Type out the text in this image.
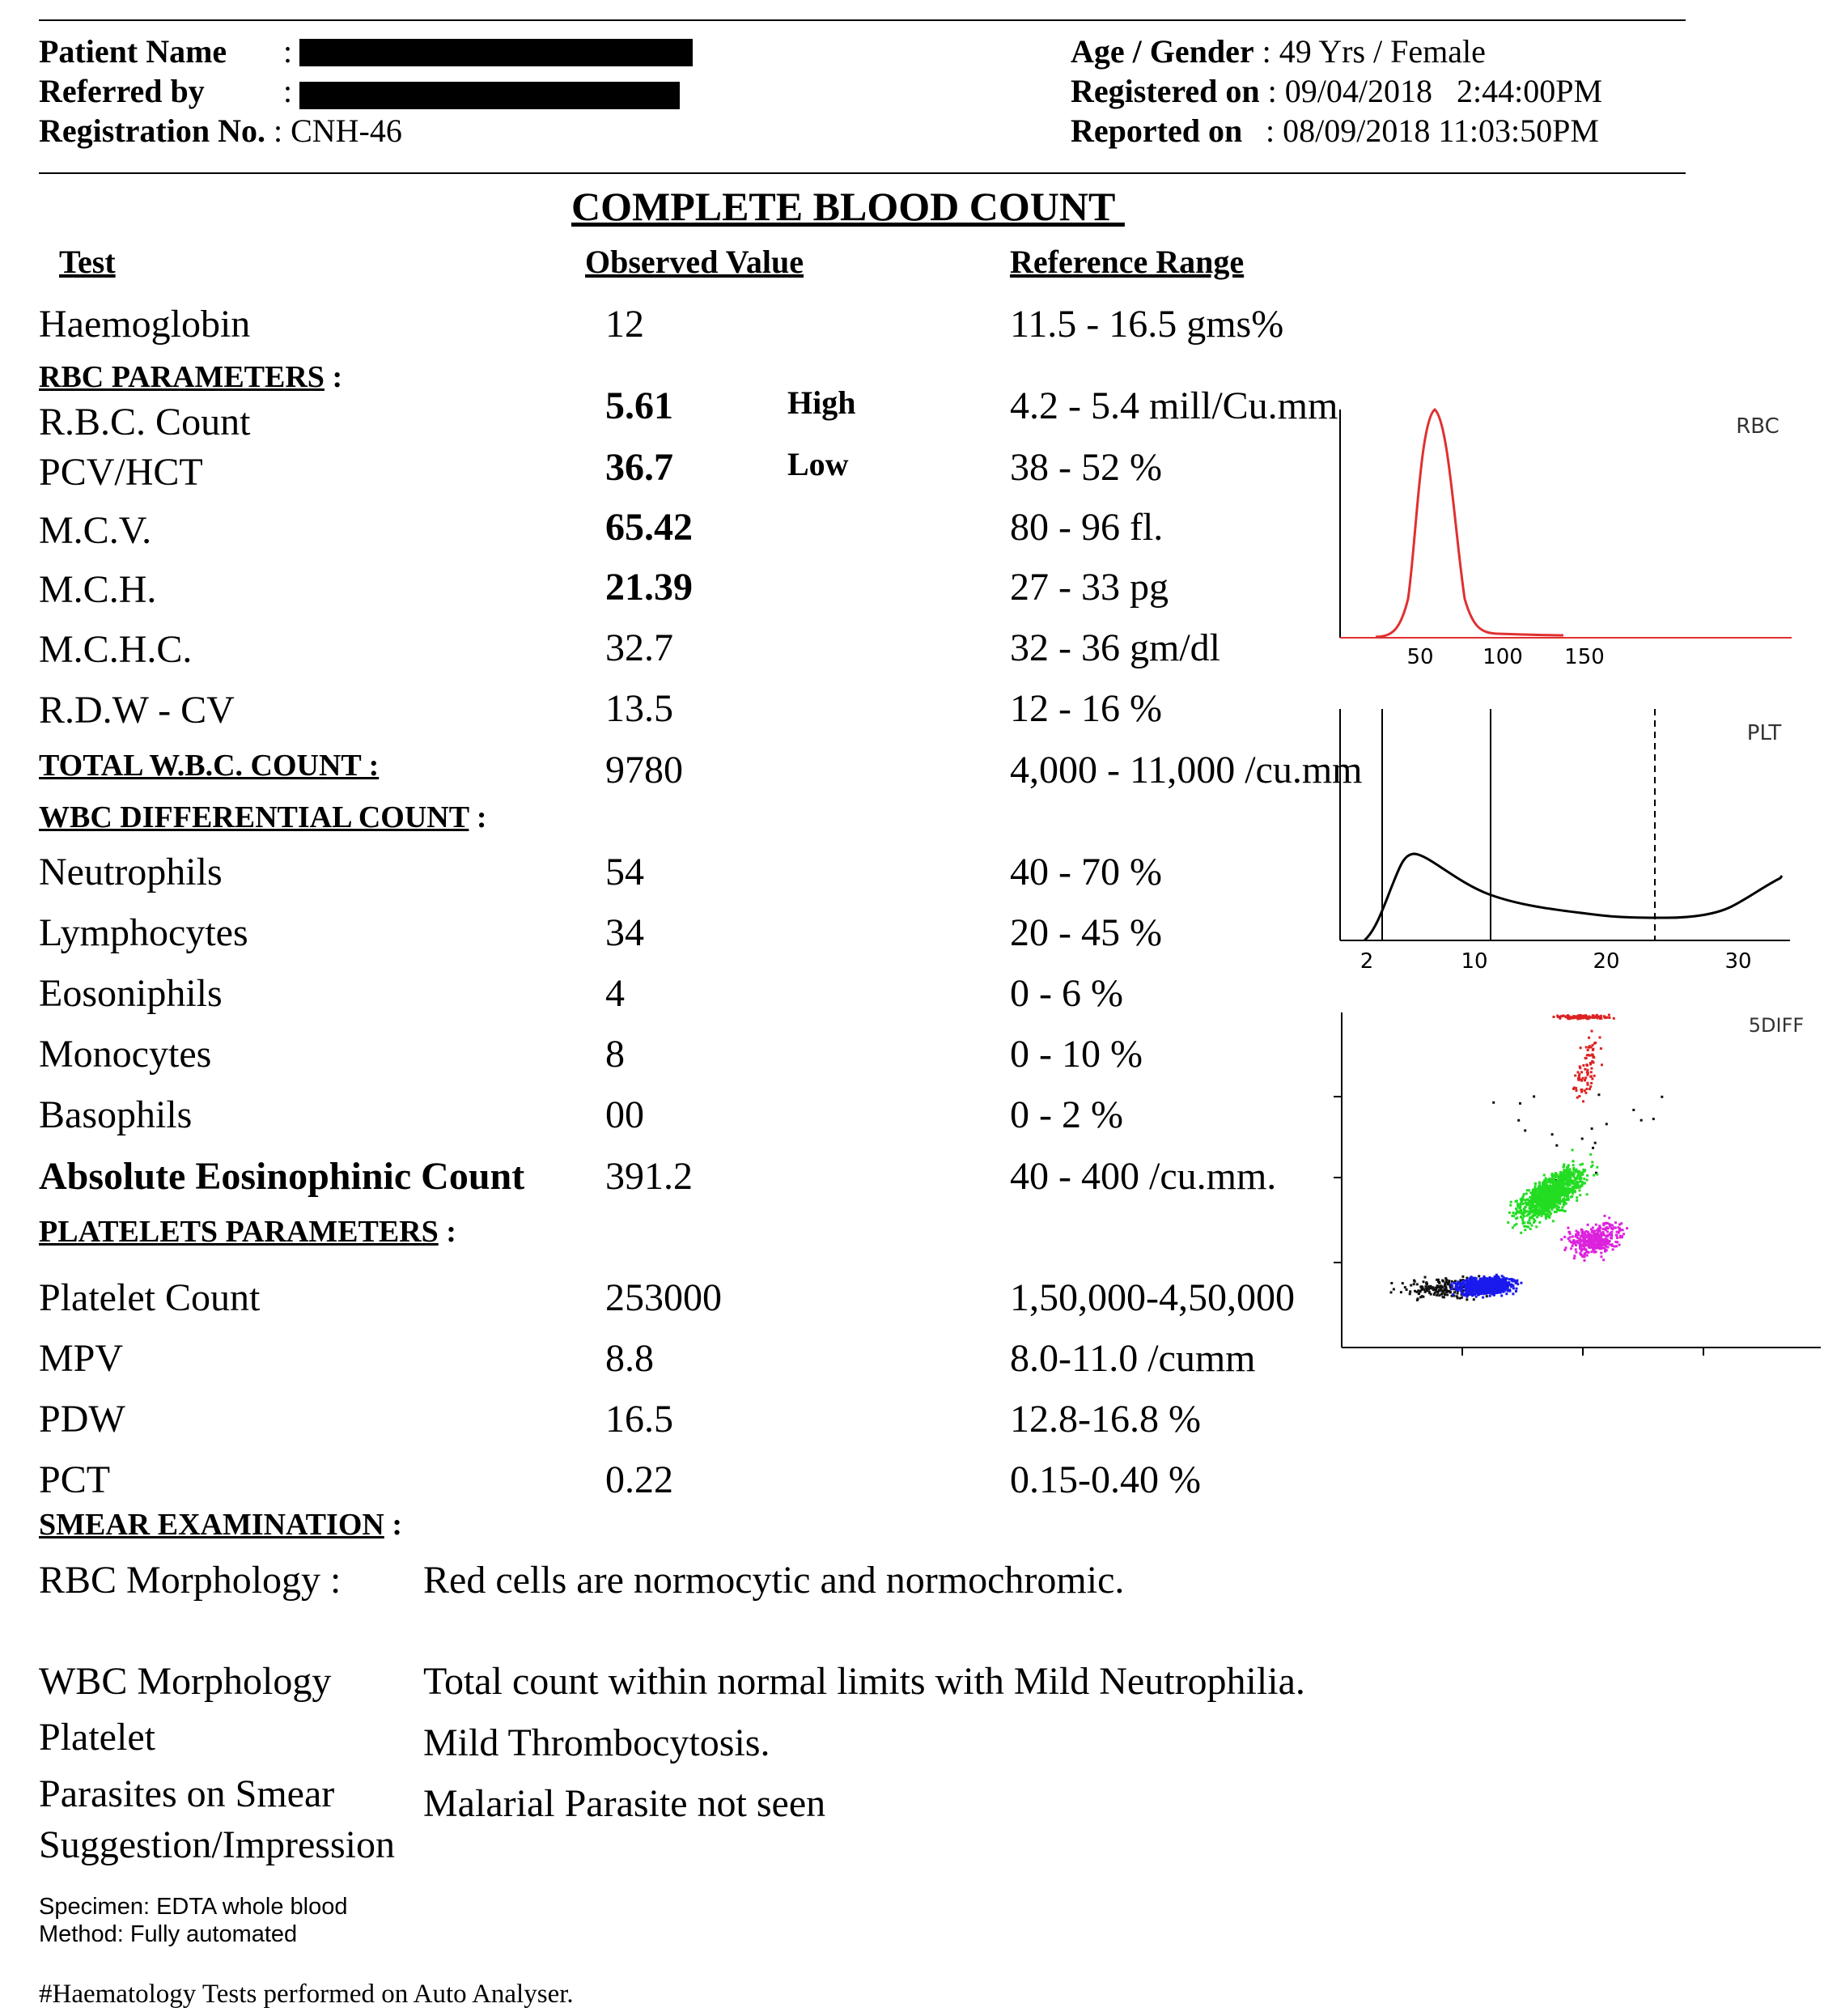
Patient Name :
Referred by :
Registration No. : CNH-46
Age / Gender : 49 Yrs / Female
Registered on : 09/04/2018   2:44:00PM
Reported on : 08/09/2018 11:03:50PM
COMPLETE BLOOD COUNT
Test	Observed Value	Reference Range
Haemoglobin	12	11.5 - 16.5 gms%
RBC PARAMETERS :
R.B.C. Count	5.61	High	4.2 - 5.4 mill/Cu.mm
PCV/HCT	36.7	Low	38 - 52 %
M.C.V.	65.42	80 - 96 fl.
M.C.H.	21.39	27 - 33 pg
M.C.H.C.	32.7	32 - 36 gm/dl
R.D.W - CV	13.5	12 - 16 %
TOTAL W.B.C. COUNT :	9780	4,000 - 11,000 /cu.mm
WBC DIFFERENTIAL COUNT :
Neutrophils	54	40 - 70 %
Lymphocytes	34	20 - 45 %
Eosoniphils	4	0 - 6 %
Monocytes	8	0 - 10 %
Basophils	00	0 - 2 %
Absolute Eosinophinic Count 391.2	40 - 400 /cu.mm.
PLATELETS PARAMETERS :
Platelet Count	253000	1,50,000-4,50,000
MPV	8.8	8.0-11.0 /cumm
PDW	16.5	12.8-16.8 %
PCT	0.22	0.15-0.40 %
SMEAR EXAMINATION :
RBC Morphology : Red cells are normocytic and normochromic.
WBC Morphology Total count within normal limits with Mild Neutrophilia.
Platelet	Mild Thrombocytosis.
Parasites on Smear Malarial Parasite not seen
Suggestion/Impression
Specimen: EDTA whole blood
Method: Fully automated
#Haematology Tests performed on Auto Analyser.
50 100 150
RBC
2	10	20	30
PLT
5DIFF
